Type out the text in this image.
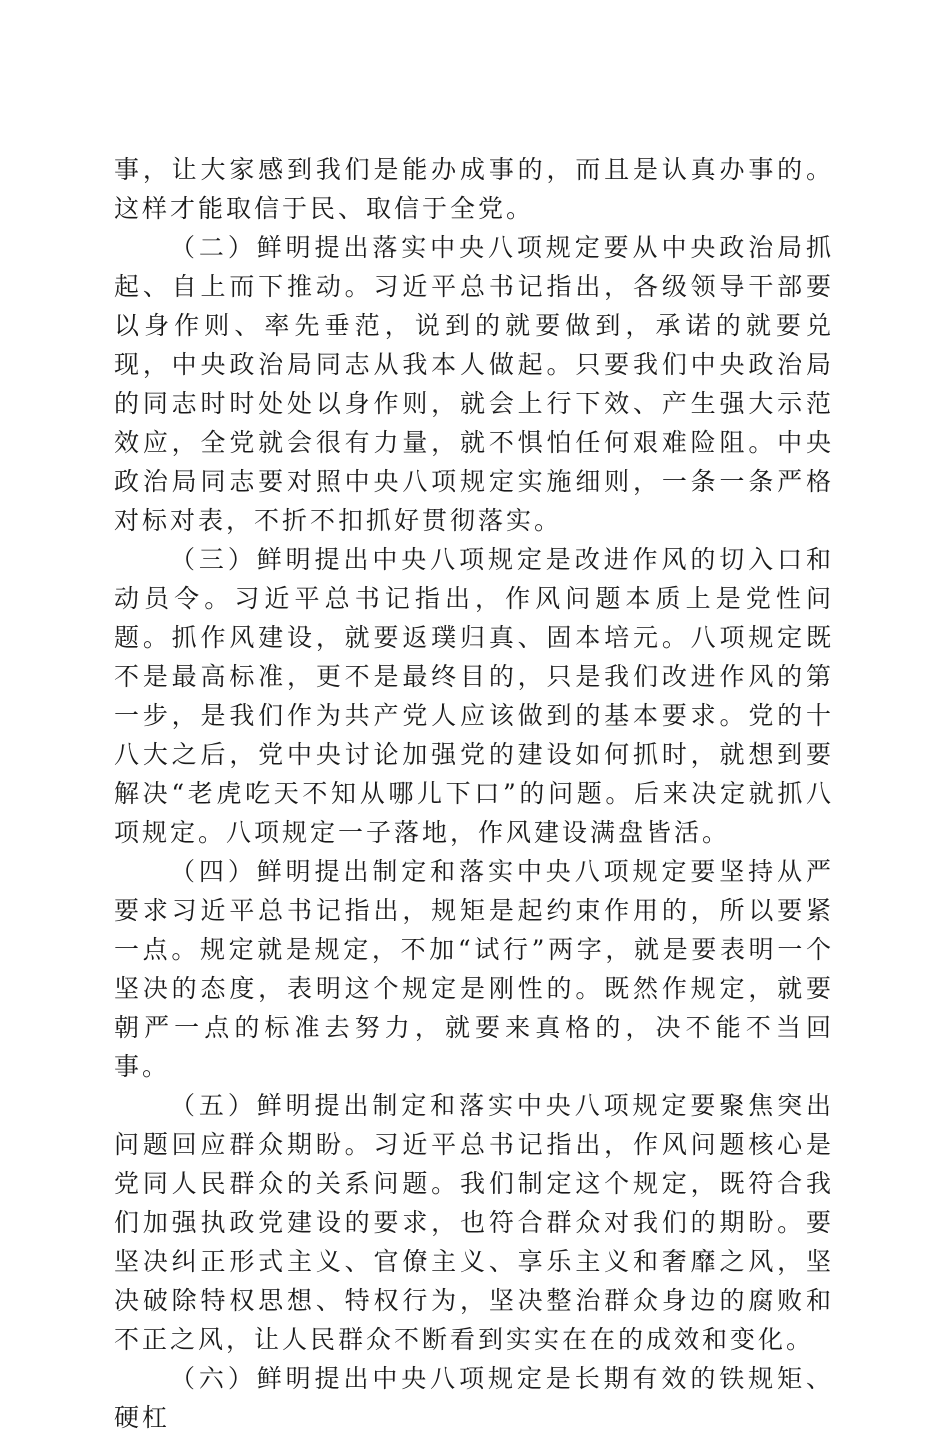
事，让大家感到我们是能办成事的，而且是认真办事的。这样才能取信于民、取信于全党。

（二）鲜明提出落实中央八项规定要从中央政治局抓起、自上而下推动。习近平总书记指出，各级领导干部要以身作则、率先垂范，说到的就要做到，承诺的就要兑现，中央政治局同志从我本人做起。只要我们中央政治局的同志时时处处以身作则，就会上行下效、产生强大示范效应，全党就会很有力量，就不惧怕任何艰难险阻。中央政治局同志要对照中央八项规定实施细则，一条一条严格对标对表，不折不扣抓好贯彻落实。

（三）鲜明提出中央八项规定是改进作风的切入口和动员令。习近平总书记指出，作风问题本质上是党性问题。抓作风建设，就要返璞归真、固本培元。八项规定既不是最高标准，更不是最终目的，只是我们改进作风的第一步，是我们作为共产党人应该做到的基本要求。党的十八大之后，党中央讨论加强党的建设如何抓时，就想到要解决“老虎吃天不知从哪儿下口”的问题。后来决定就抓八项规定。八项规定一子落地，作风建设满盘皆活。

（四）鲜明提出制定和落实中央八项规定要坚持从严要求习近平总书记指出，规矩是起约束作用的，所以要紧一点。规定就是规定，不加“试行”两字，就是要表明一个坚决的态度，表明这个规定是刚性的。既然作规定，就要朝严一点的标准去努力，就要来真格的，决不能不当回事。

（五）鲜明提出制定和落实中央八项规定要聚焦突出问题回应群众期盼。习近平总书记指出，作风问题核心是党同人民群众的关系问题。我们制定这个规定，既符合我们加强执政党建设的要求，也符合群众对我们的期盼。要坚决纠正形式主义、官僚主义、享乐主义和奢靡之风，坚决破除特权思想、特权行为，坚决整治群众身边的腐败和不正之风，让人民群众不断看到实实在在的成效和变化。

（六）鲜明提出中央八项规定是长期有效的铁规矩、硬杠
